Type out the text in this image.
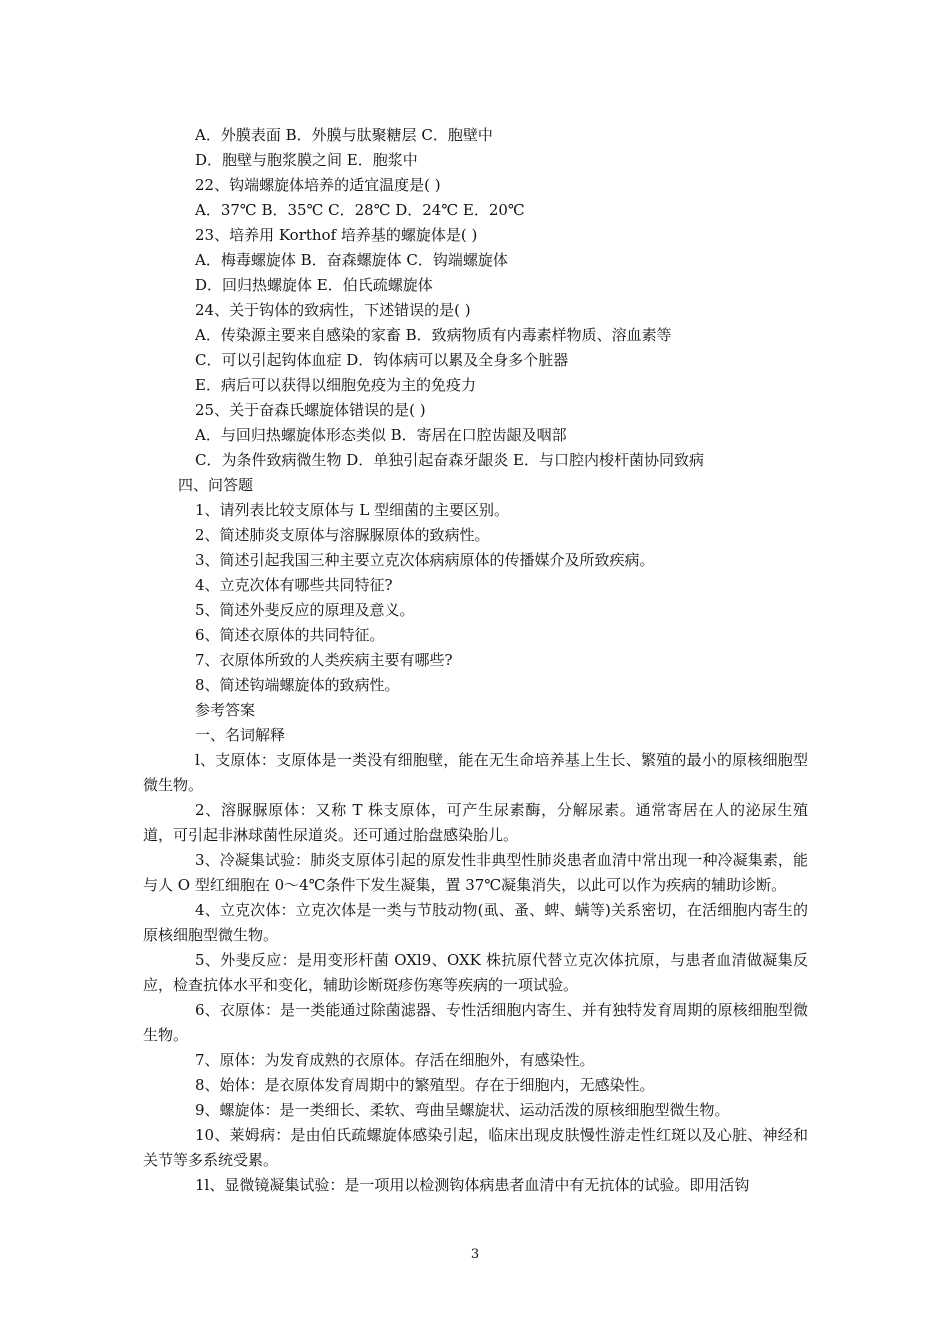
A．外膜表面 B．外膜与肽聚糖层 C．胞壁中

D．胞壁与胞浆膜之间 E．胞浆中

22、钩端螺旋体培养的适宜温度是( )

A．37℃ B．35℃ C．28℃ D．24℃ E．20℃

23、培养用 Korthof 培养基的螺旋体是( )

A．梅毒螺旋体 B．奋森螺旋体 C．钩端螺旋体

D．回归热螺旋体 E．伯氏疏螺旋体

24、关于钩体的致病性，下述错误的是( )

A．传染源主要来自感染的家畜 B．致病物质有内毒素样物质、溶血素等

C．可以引起钩体血症 D．钩体病可以累及全身多个脏器

E．病后可以获得以细胞免疫为主的免疫力

25、关于奋森氏螺旋体错误的是( )

A．与回归热螺旋体形态类似 B．寄居在口腔齿龈及咽部

C．为条件致病微生物 D．单独引起奋森牙龈炎 E．与口腔内梭杆菌协同致病

四、问答题

1、请列表比较支原体与 L 型细菌的主要区别。

2、简述肺炎支原体与溶脲脲原体的致病性。

3、简述引起我国三种主要立克次体病病原体的传播媒介及所致疾病。

4、立克次体有哪些共同特征?

5、简述外斐反应的原理及意义。

6、简述衣原体的共同特征。

7、衣原体所致的人类疾病主要有哪些?

8、简述钩端螺旋体的致病性。

参考答案

一、名词解释

l、支原体：支原体是一类没有细胞壁，能在无生命培养基上生长、繁殖的最小的原核细胞型微生物。

2、溶脲脲原体：又称 T 株支原体，可产生尿素酶，分解尿素。通常寄居在人的泌尿生殖道，可引起非淋球菌性尿道炎。还可通过胎盘感染胎儿。

3、冷凝集试验：肺炎支原体引起的原发性非典型性肺炎患者血清中常出现一种冷凝集素，能与人 O 型红细胞在 0～4℃条件下发生凝集，置 37℃凝集消失，以此可以作为疾病的辅助诊断。

4、立克次体：立克次体是一类与节肢动物(虱、蚤、蜱、螨等)关系密切，在活细胞内寄生的原核细胞型微生物。

5、外斐反应：是用变形杆菌 OXl9、OXK 株抗原代替立克次体抗原，与患者血清做凝集反应，检查抗体水平和变化，辅助诊断斑疹伤寒等疾病的一项试验。

6、衣原体：是一类能通过除菌滤器、专性活细胞内寄生、并有独特发育周期的原核细胞型微生物。

7、原体：为发育成熟的衣原体。存活在细胞外，有感染性。

8、始体：是衣原体发育周期中的繁殖型。存在于细胞内，无感染性。

9、螺旋体：是一类细长、柔软、弯曲呈螺旋状、运动活泼的原核细胞型微生物。

10、莱姆病：是由伯氏疏螺旋体感染引起，临床出现皮肤慢性游走性红斑以及心脏、神经和关节等多系统受累。

1l、显微镜凝集试验：是一项用以检测钩体病患者血清中有无抗体的试验。即用活钩

3
